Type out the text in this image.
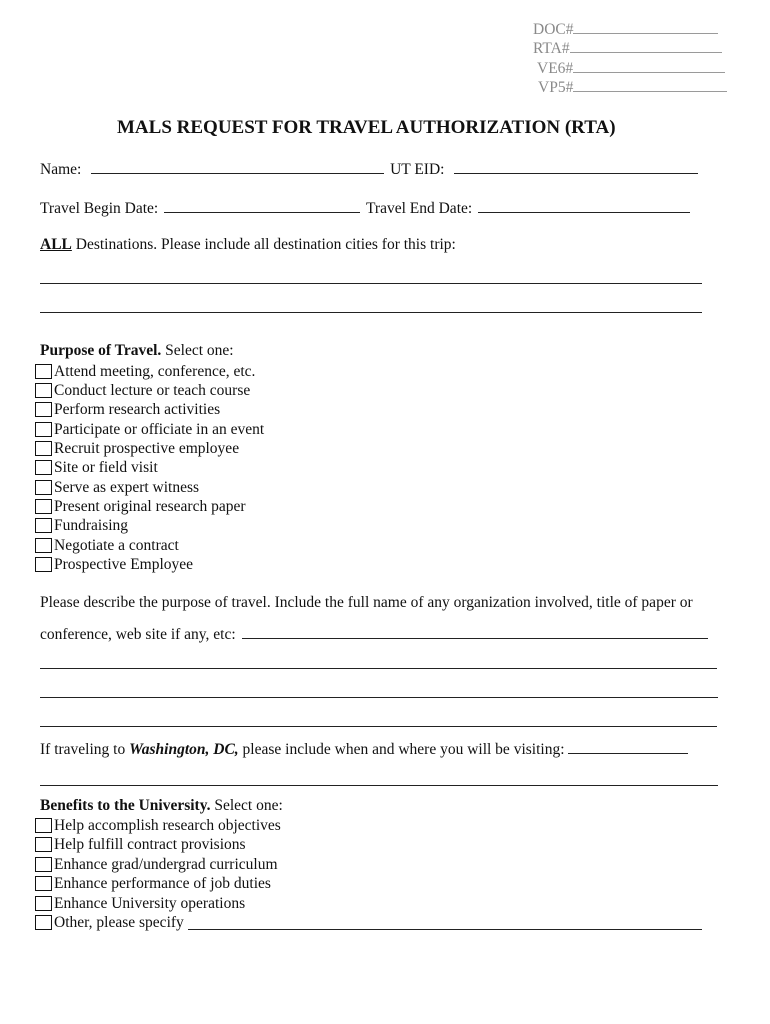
DOC#
RTA#
VE6#
VP5#
MALS REQUEST FOR TRAVEL AUTHORIZATION (RTA)
Name:	UT EID:
Travel Begin Date:	Travel End Date:
ALL Destinations. Please include all destination cities for this trip:
Purpose of Travel. Select one:
Attend meeting, conference, etc.
Conduct lecture or teach course
Perform research activities
Participate or officiate in an event
Recruit prospective employee
Site or field visit
Serve as expert witness
Present original research paper
Fundraising
Negotiate a contract
Prospective Employee
Please describe the purpose of travel. Include the full name of any organization involved, title of paper or
conference, web site if any, etc:
If traveling to Washington, DC, please include when and where you will be visiting:
Benefits to the University. Select one:
Help accomplish research objectives
Help fulfill contract provisions
Enhance grad/undergrad curriculum
Enhance performance of job duties
Enhance University operations
Other, please specify
